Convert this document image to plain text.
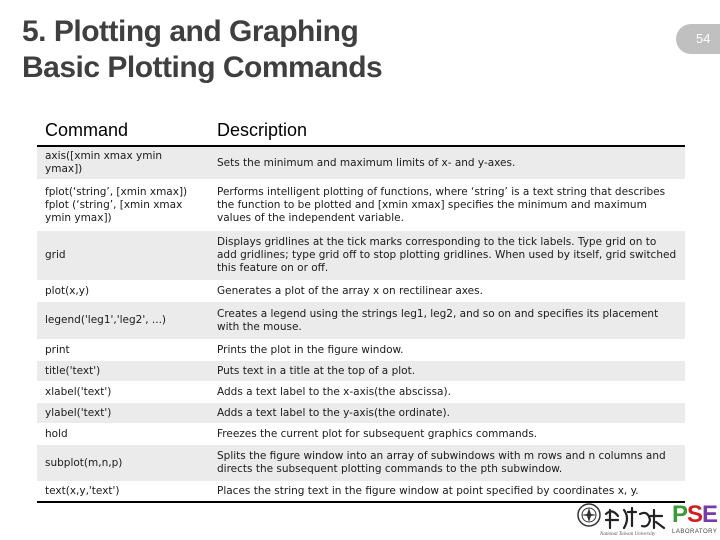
5. Plotting and Graphing
Basic Plotting Commands
54
Command	Description
axis([xmin xmax ymin ymax])	Sets the minimum and maximum limits of x- and y-axes.
fplot(‘string’, [xmin xmax]) fplot (‘string’, [xmin xmax ymin ymax])	Performs intelligent plotting of functions, where ‘string’ is a text string that describes the function to be plotted and [xmin xmax] specifies the minimum and maximum values of the independent variable.
grid	Displays gridlines at the tick marks corresponding to the tick labels. Type grid on to add gridlines; type grid off to stop plotting gridlines. When used by itself, grid switched this feature on or off.
plot(x,y)	Generates a plot of the array x on rectilinear axes.
legend('leg1','leg2', ...)	Creates a legend using the strings leg1, leg2, and so on and specifies its placement with the mouse.
print	Prints the plot in the figure window.
title('text')	Puts text in a title at the top of a plot.
xlabel('text')	Adds a text label to the x-axis(the abscissa).
ylabel('text')	Adds a text label to the y-axis(the ordinate).
hold	Freezes the current plot for subsequent graphics commands.
subplot(m,n,p)	Splits the figure window into an array of subwindows with m rows and n columns and directs the subsequent plotting commands to the pth subwindow.
text(x,y,'text')	Places the string text in the figure window at point specified by coordinates x, y.
National Taiwan University
PSE
LABORATORY
